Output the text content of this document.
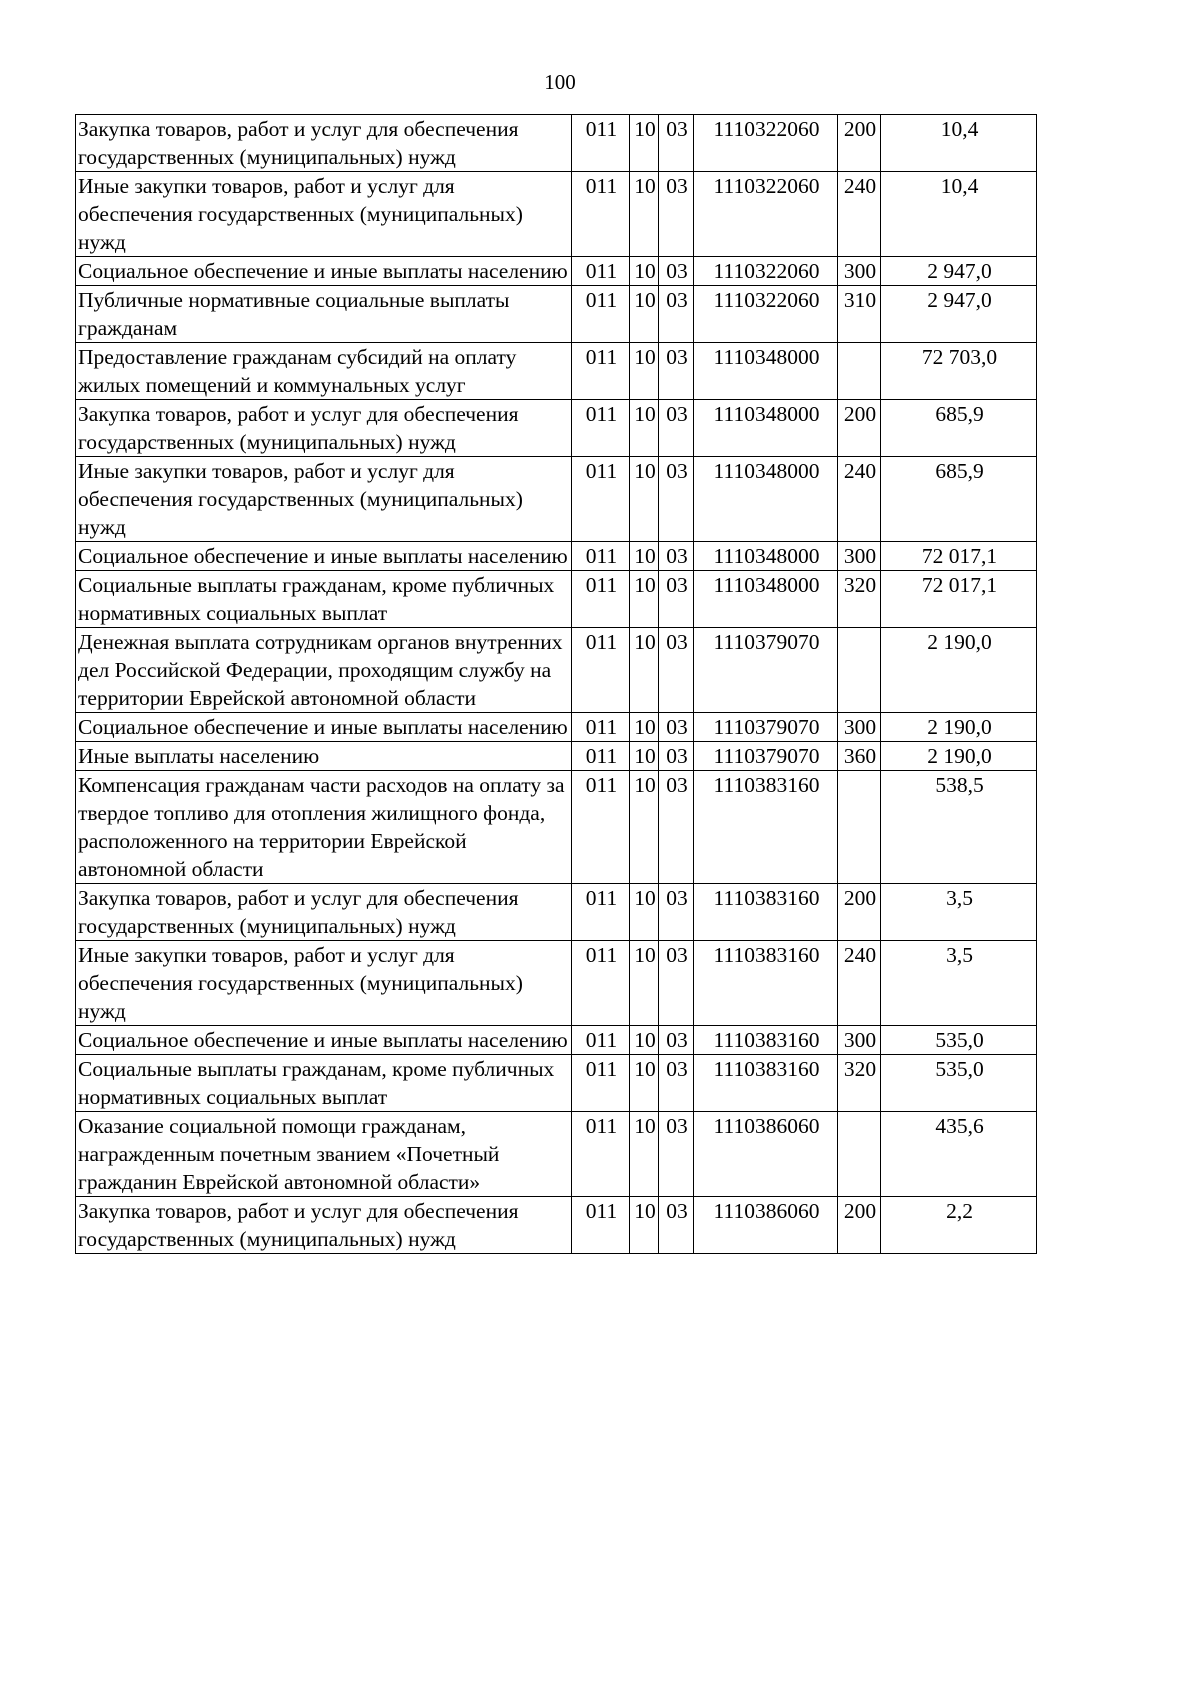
100
Закупка товаров, работ и услуг для обеспечения государственных (муниципальных) нужд	011	10	03	1110322060	200	10,4
Иные закупки товаров, работ и услуг для обеспечения государственных (муниципальных) нужд	011	10	03	1110322060	240	10,4
Социальное обеспечение и иные выплаты населению	011	10	03	1110322060	300	2 947,0
Публичные нормативные социальные выплаты гражданам	011	10	03	1110322060	310	2 947,0
Предоставление гражданам субсидий на оплату жилых помещений и коммунальных услуг	011	10	03	1110348000		72 703,0
Закупка товаров, работ и услуг для обеспечения государственных (муниципальных) нужд	011	10	03	1110348000	200	685,9
Иные закупки товаров, работ и услуг для обеспечения государственных (муниципальных) нужд	011	10	03	1110348000	240	685,9
Социальное обеспечение и иные выплаты населению	011	10	03	1110348000	300	72 017,1
Социальные выплаты гражданам, кроме публичных нормативных социальных выплат	011	10	03	1110348000	320	72 017,1
Денежная выплата сотрудникам органов внутренних дел Российской Федерации, проходящим службу на территории Еврейской автономной области	011	10	03	1110379070		2 190,0
Социальное обеспечение и иные выплаты населению	011	10	03	1110379070	300	2 190,0
Иные выплаты населению	011	10	03	1110379070	360	2 190,0
Компенсация гражданам части расходов на оплату за твердое топливо для отопления жилищного фонда, расположенного на территории Еврейской автономной области	011	10	03	1110383160		538,5
Закупка товаров, работ и услуг для обеспечения государственных (муниципальных) нужд	011	10	03	1110383160	200	3,5
Иные закупки товаров, работ и услуг для обеспечения государственных (муниципальных) нужд	011	10	03	1110383160	240	3,5
Социальное обеспечение и иные выплаты населению	011	10	03	1110383160	300	535,0
Социальные выплаты гражданам, кроме публичных нормативных социальных выплат	011	10	03	1110383160	320	535,0
Оказание социальной помощи гражданам, награжденным почетным званием «Почетный гражданин Еврейской автономной области»	011	10	03	1110386060		435,6
Закупка товаров, работ и услуг для обеспечения государственных (муниципальных) нужд	011	10	03	1110386060	200	2,2
